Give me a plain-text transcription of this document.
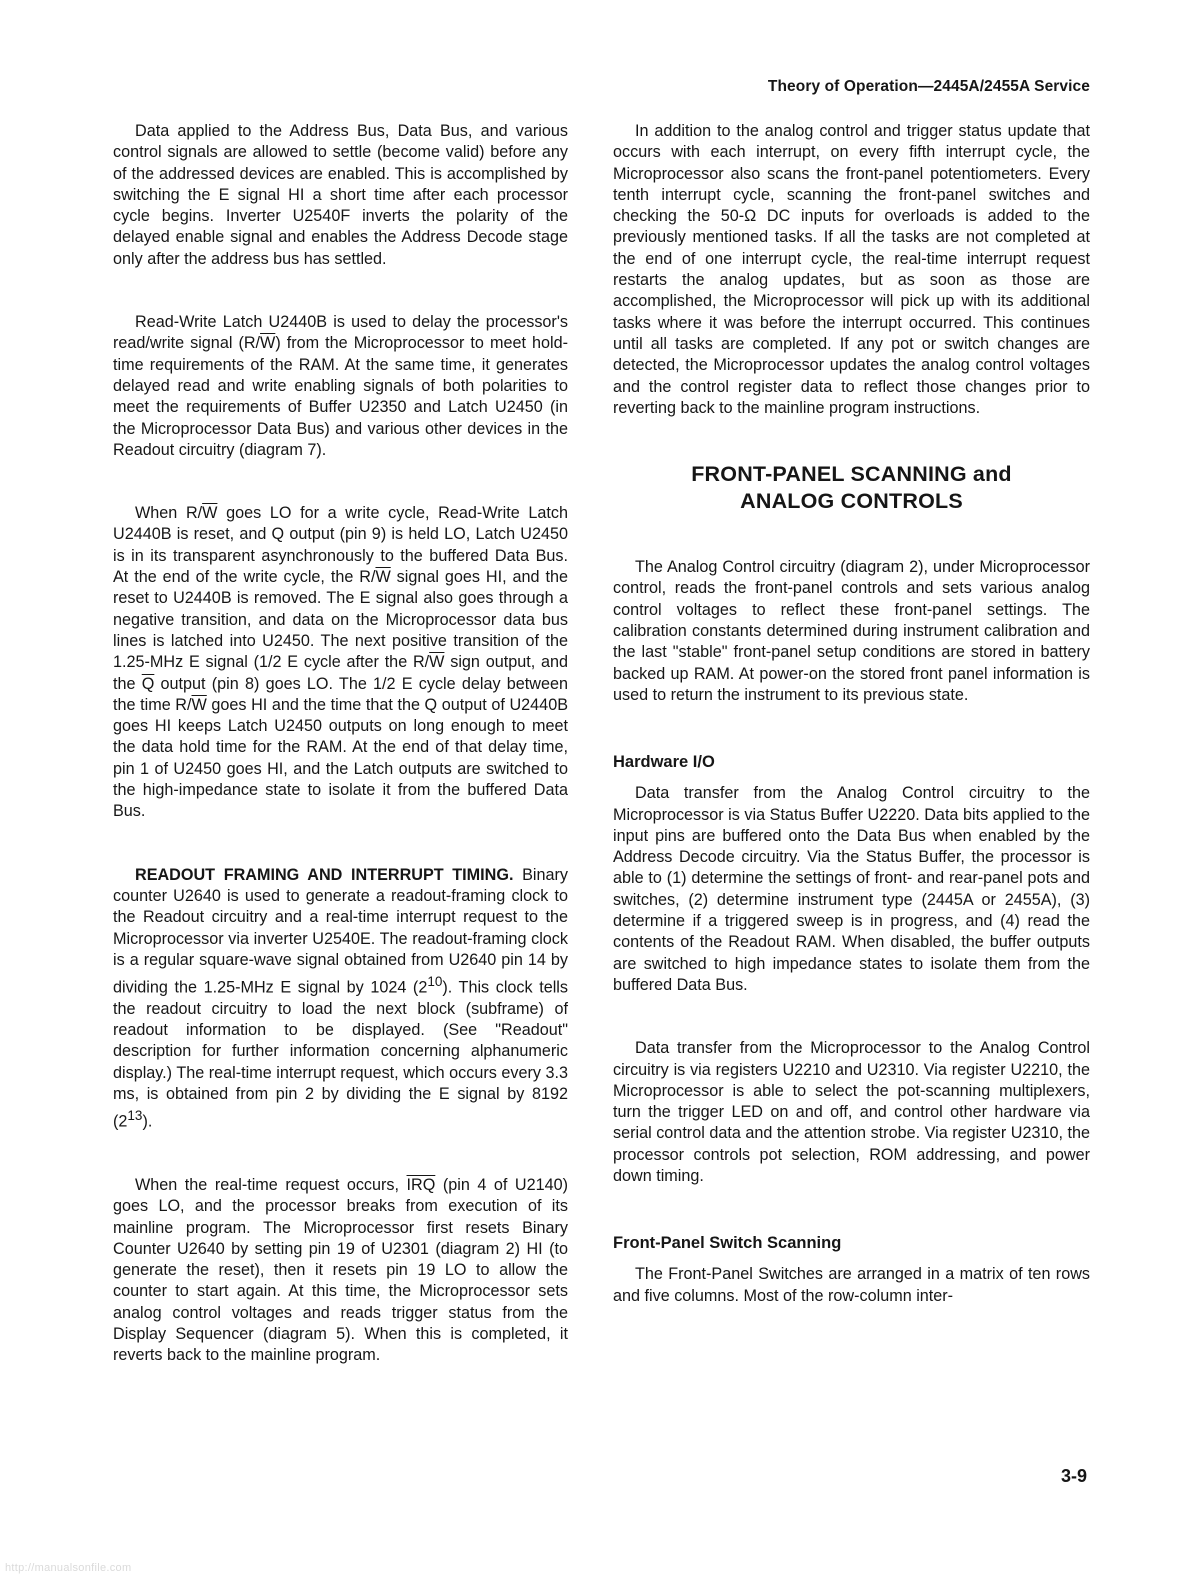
Theory of Operation—2445A/2455A Service

Data applied to the Address Bus, Data Bus, and various control signals are allowed to settle (become valid) before any of the addressed devices are enabled. This is accomplished by switching the E signal HI a short time after each processor cycle begins. Inverter U2540F inverts the polarity of the delayed enable signal and enables the Address Decode stage only after the address bus has settled.

Read-Write Latch U2440B is used to delay the processor's read/write signal $(R/\overline{W})$ from the Microprocessor to meet hold-time requirements of the RAM. At the same time, it generates delayed read and write enabling signals of both polarities to meet the requirements of Buffer U2350 and Latch U2450 (in the Microprocessor Data Bus) and various other devices in the Readout circuitry (diagram 7).

When $R/\overline{W}$ goes LO for a write cycle, Read-Write Latch U2440B is reset, and Q output (pin 9) is held LO, Latch U2450 is in its transparent asynchronously to the buffered Data Bus. At the end of the write cycle, the $R/\overline{W}$ signal goes HI, and the reset to U2440B is removed. The E signal also goes through a negative transition, and data on the Microprocessor data bus lines is latched into U2450. The next positive transition of the 1.25-MHz E signal (1/2 E cycle after the $R/\overline{W}$ sign output, and the $\overline{Q}$ output (pin 8) goes LO. The 1/2 E cycle delay between the time $R/\overline{W}$ goes HI and the time that the Q output of U2440B goes HI keeps Latch U2450 outputs on long enough to meet the data hold time for the RAM. At the end of that delay time, pin 1 of U2450 goes HI, and the Latch outputs are switched to the high-impedance state to isolate it from the buffered Data Bus.

READOUT FRAMING AND INTERRUPT TIMING. Binary counter U2640 is used to generate a readout-framing clock to the Readout circuitry and a real-time interrupt request to the Microprocessor via inverter U2540E. The readout-framing clock is a regular square-wave signal obtained from U2640 pin 14 by dividing the 1.25-MHz E signal by 1024 $(2^{10})$. This clock tells the readout circuitry to load the next block (subframe) of readout information to be displayed. (See "Readout" description for further information concerning alphanumeric display.) The real-time interrupt request, which occurs every 3.3 ms, is obtained from pin 2 by dividing the E signal by 8192 $(2^{13})$.

When the real-time request occurs, $\overline{IRQ}$ (pin 4 of U2140) goes LO, and the processor breaks from execution of its mainline program. The Microprocessor first resets Binary Counter U2640 by setting pin 19 of U2301 (diagram 2) HI (to generate the reset), then it resets pin 19 LO to allow the counter to start again. At this time, the Microprocessor sets analog control voltages and reads trigger status from the Display Sequencer (diagram 5). When this is completed, it reverts back to the mainline program.

In addition to the analog control and trigger status update that occurs with each interrupt, on every fifth interrupt cycle, the Microprocessor also scans the front-panel potentiometers. Every tenth interrupt cycle, scanning the front-panel switches and checking the 50-Ω DC inputs for overloads is added to the previously mentioned tasks. If all the tasks are not completed at the end of one interrupt cycle, the real-time interrupt request restarts the analog updates, but as soon as those are accomplished, the Microprocessor will pick up with its additional tasks where it was before the interrupt occurred. This continues until all tasks are completed. If any pot or switch changes are detected, the Microprocessor updates the analog control voltages and the control register data to reflect those changes prior to reverting back to the mainline program instructions.

FRONT-PANEL SCANNING and
ANALOG CONTROLS

The Analog Control circuitry (diagram 2), under Microprocessor control, reads the front-panel controls and sets various analog control voltages to reflect these front-panel settings. The calibration constants determined during instrument calibration and the last "stable" front-panel setup conditions are stored in battery backed up RAM. At power-on the stored front panel information is used to return the instrument to its previous state.

Hardware I/O

Data transfer from the Analog Control circuitry to the Microprocessor is via Status Buffer U2220. Data bits applied to the input pins are buffered onto the Data Bus when enabled by the Address Decode circuitry. Via the Status Buffer, the processor is able to (1) determine the settings of front- and rear-panel pots and switches, (2) determine instrument type (2445A or 2455A), (3) determine if a triggered sweep is in progress, and (4) read the contents of the Readout RAM. When disabled, the buffer outputs are switched to high impedance states to isolate them from the buffered Data Bus.

Data transfer from the Microprocessor to the Analog Control circuitry is via registers U2210 and U2310. Via register U2210, the Microprocessor is able to select the pot-scanning multiplexers, turn the trigger LED on and off, and control other hardware via serial control data and the attention strobe. Via register U2310, the processor controls pot selection, ROM addressing, and power down timing.

Front-Panel Switch Scanning

The Front-Panel Switches are arranged in a matrix of ten rows and five columns. Most of the row-column inter-

3-9
http://manualsonfile.com
